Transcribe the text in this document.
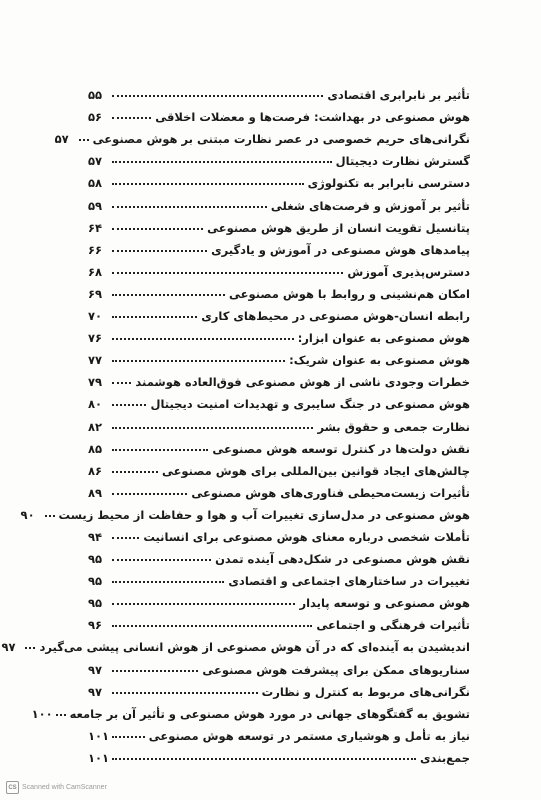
تأثیر بر نابرابری اقتصادی
۵۵
هوش مصنوعی در بهداشت: فرصت‌ها و معضلات اخلاقی
۵۶
نگرانی‌های حریم خصوصی در عصر نظارت مبتنی بر هوش مصنوعی
۵۷
گسترش نظارت دیجیتال
۵۷
دسترسی نابرابر به تکنولوژی
۵۸
تأثیر بر آموزش و فرصت‌های شغلی
۵۹
پتانسیل تقویت انسان از طریق هوش مصنوعی
۶۴
پیامدهای هوش مصنوعی در آموزش و یادگیری
۶۶
دسترس‌پذیری آموزش
۶۸
امکان هم‌نشینی و روابط با هوش مصنوعی
۶۹
رابطه انسان-هوش مصنوعی در محیط‌های کاری
۷۰
هوش مصنوعی به عنوان ابزار:
۷۶
هوش مصنوعی به عنوان شریک:
۷۷
خطرات وجودی ناشی از هوش مصنوعی فوق‌العاده هوشمند
۷۹
هوش مصنوعی در جنگ سایبری و تهدیدات امنیت دیجیتال
۸۰
نظارت جمعی و حقوق بشر
۸۲
نقش دولت‌ها در کنترل توسعه هوش مصنوعی
۸۵
چالش‌های ایجاد قوانین بین‌المللی برای هوش مصنوعی
۸۶
تأثیرات زیست‌محیطی فناوری‌های هوش مصنوعی
۸۹
هوش مصنوعی در مدل‌سازی تغییرات آب و هوا و حفاظت از محیط زیست
۹۰
تأملات شخصی درباره معنای هوش مصنوعی برای انسانیت
۹۴
نقش هوش مصنوعی در شکل‌دهی آینده تمدن
۹۵
تغییرات در ساختارهای اجتماعی و اقتصادی
۹۵
هوش مصنوعی و توسعه پایدار
۹۵
تأثیرات فرهنگی و اجتماعی
۹۶
اندیشیدن به آینده‌ای که در آن هوش مصنوعی از هوش انسانی پیشی می‌گیرد
۹۷
سناریوهای ممکن برای پیشرفت هوش مصنوعی
۹۷
نگرانی‌های مربوط به کنترل و نظارت
۹۷
تشویق به گفتگوهای جهانی در مورد هوش مصنوعی و تأثیر آن بر جامعه
۱۰۰
نیاز به تأمل و هوشیاری مستمر در توسعه هوش مصنوعی
۱۰۱
جمع‌بندی
۱۰۱
CS Scanned with CamScanner
